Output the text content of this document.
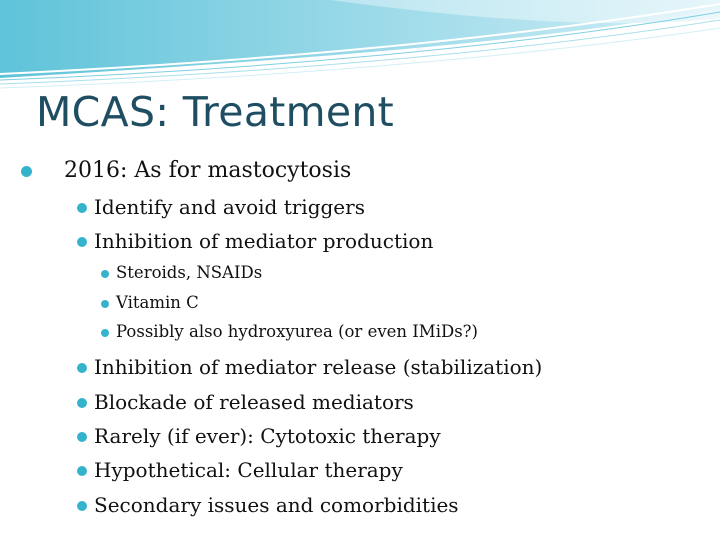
MCAS: Treatment
2016: As for mastocytosis
Identify and avoid triggers
Inhibition of mediator production
Steroids, NSAIDs
Vitamin C
Possibly also hydroxyurea (or even IMiDs?)
Inhibition of mediator release (stabilization)
Blockade of released mediators
Rarely (if ever): Cytotoxic therapy
Hypothetical: Cellular therapy
Secondary issues and comorbidities
